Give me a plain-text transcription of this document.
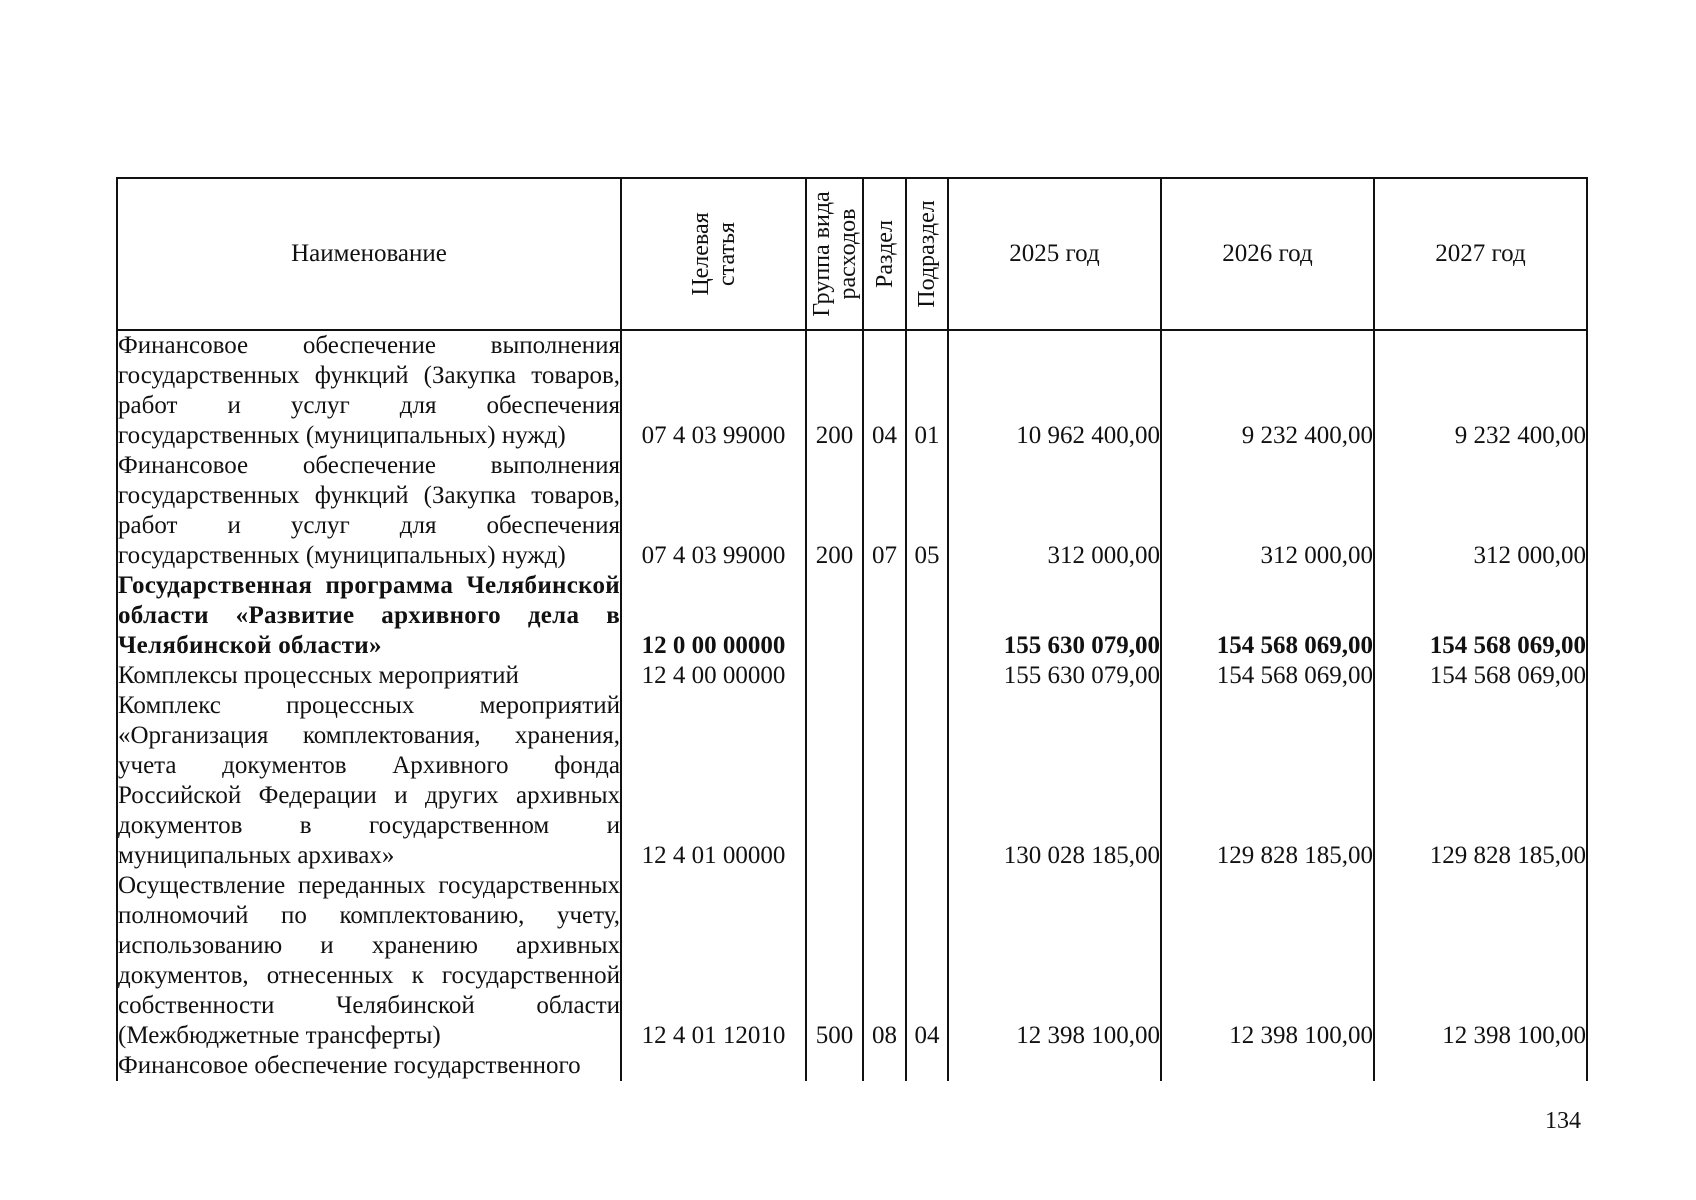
Наименование	Целевая статья	Группа вида расходов	Раздел	Подраздел	2025 год	2026 год	2027 год
Финансовое обеспечение выполнения государственных функций (Закупка товаров, работ и услуг для обеспечения государственных (муниципальных) нужд)	07 4 03 99000	200	04	01	10 962 400,00	9 232 400,00	9 232 400,00
Финансовое обеспечение выполнения государственных функций (Закупка товаров, работ и услуг для обеспечения государственных (муниципальных) нужд)	07 4 03 99000	200	07	05	312 000,00	312 000,00	312 000,00
Государственная программа Челябинской области «Развитие архивного дела в Челябинской области»	12 0 00 00000				155 630 079,00	154 568 069,00	154 568 069,00
Комплексы процессных мероприятий	12 4 00 00000				155 630 079,00	154 568 069,00	154 568 069,00
Комплекс процессных мероприятий «Организация комплектования, хранения, учета документов Архивного фонда Российской Федерации и других архивных документов в государственном и муниципальных архивах»	12 4 01 00000				130 028 185,00	129 828 185,00	129 828 185,00
Осуществление переданных государственных полномочий по комплектованию, учету, использованию и хранению архивных документов, отнесенных к государственной собственности Челябинской области (Межбюджетные трансферты)	12 4 01 12010	500	08	04	12 398 100,00	12 398 100,00	12 398 100,00
Финансовое обеспечение государственного							
134
